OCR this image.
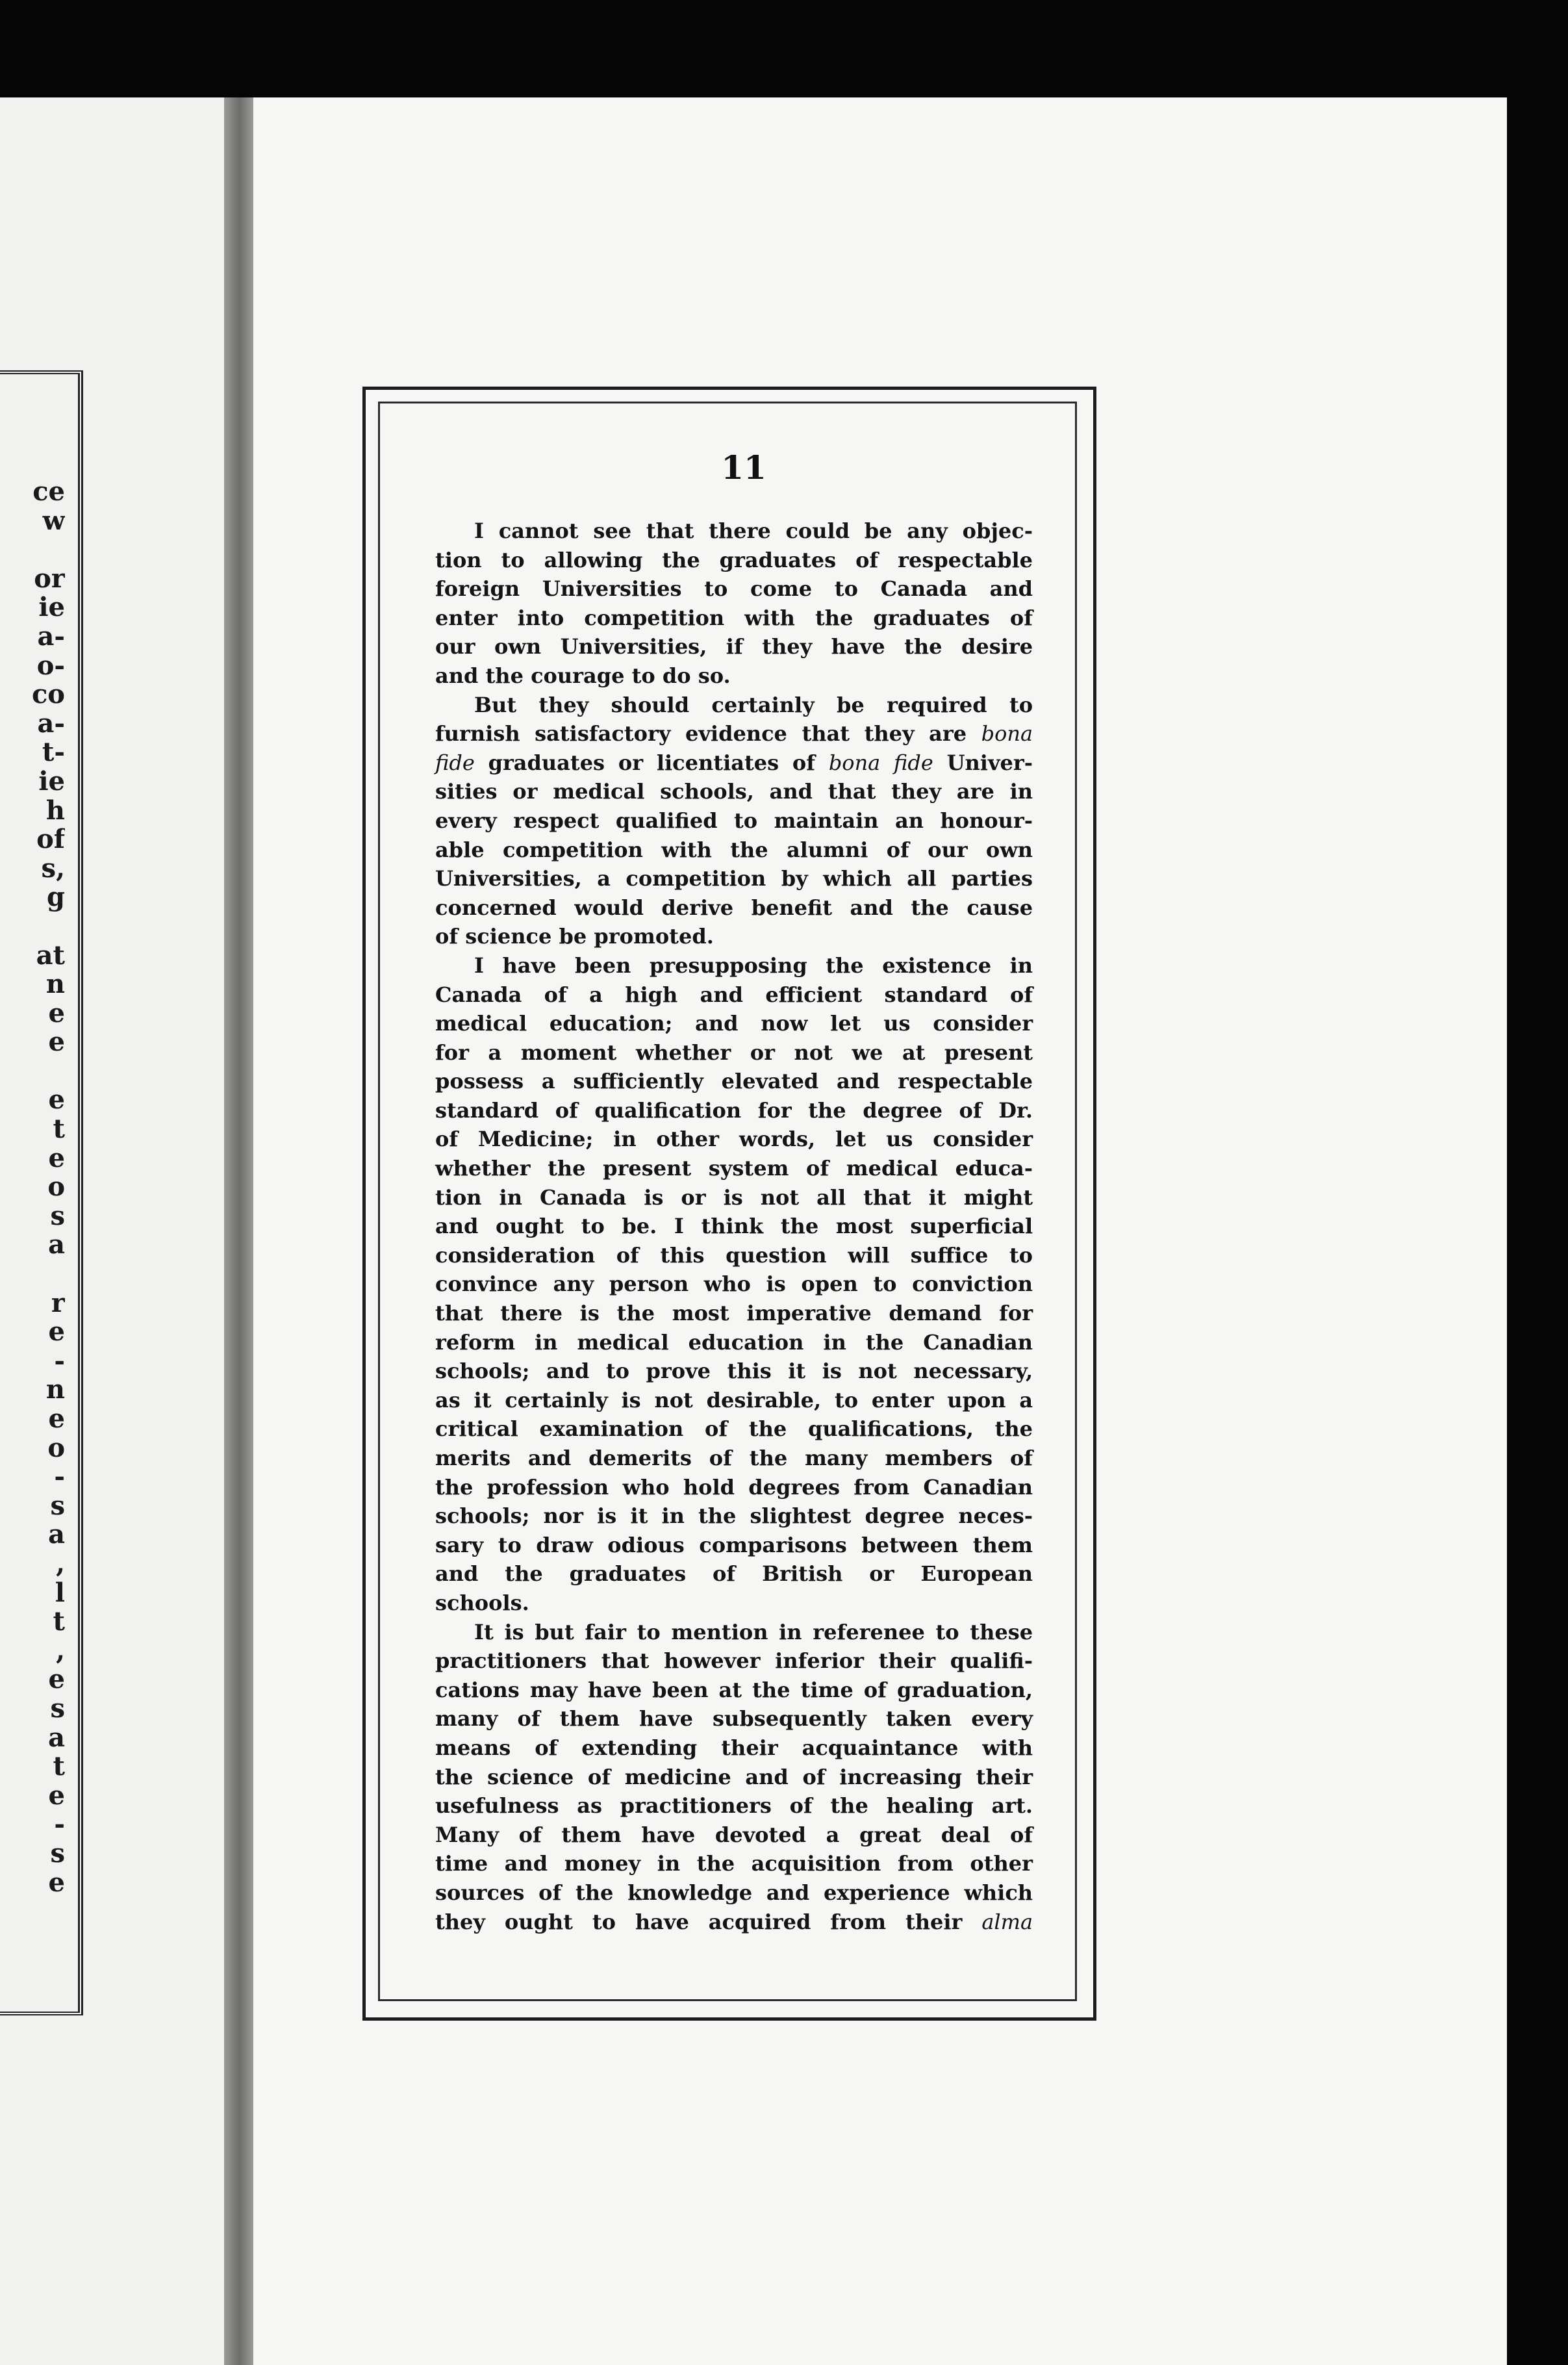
ce
w
or
ie
a-
o-
co
a-
t-
ie
h
of
s,
g
at
n
e
e
e
t
e
o
s
a
r
e
-
n
e
o
-
s
a
,
l
t
,
e
s
a
t
e
-
s
e
11
I cannot see that there could be any objec-
tion to allowing the graduates of respectable
foreign Universities to come to Canada and
enter into competition with the graduates of
our own Universities, if they have the desire
and the courage to do so.
But they should certainly be required to
furnish satisfactory evidence that they are bona
fide graduates or licentiates of bona fide Univer-
sities or medical schools, and that they are in
every respect qualified to maintain an honour-
able competition with the alumni of our own
Universities, a competition by which all parties
concerned would derive benefit and the cause
of science be promoted.
I have been presupposing the existence in
Canada of a high and efficient standard of
medical education; and now let us consider
for a moment whether or not we at present
possess a sufficiently elevated and respectable
standard of qualification for the degree of Dr.
of Medicine; in other words, let us consider
whether the present system of medical educa-
tion in Canada is or is not all that it might
and ought to be. I think the most superficial
consideration of this question will suffice to
convince any person who is open to conviction
that there is the most imperative demand for
reform in medical education in the Canadian
schools; and to prove this it is not necessary,
as it certainly is not desirable, to enter upon a
critical examination of the qualifications, the
merits and demerits of the many members of
the profession who hold degrees from Canadian
schools; nor is it in the slightest degree neces-
sary to draw odious comparisons between them
and the graduates of British or European
schools.
It is but fair to mention in referenee to these
practitioners that however inferior their qualifi-
cations may have been at the time of graduation,
many of them have subsequently taken every
means of extending their acquaintance with
the science of medicine and of increasing their
usefulness as practitioners of the healing art.
Many of them have devoted a great deal of
time and money in the acquisition from other
sources of the knowledge and experience which
they ought to have acquired from their alma
